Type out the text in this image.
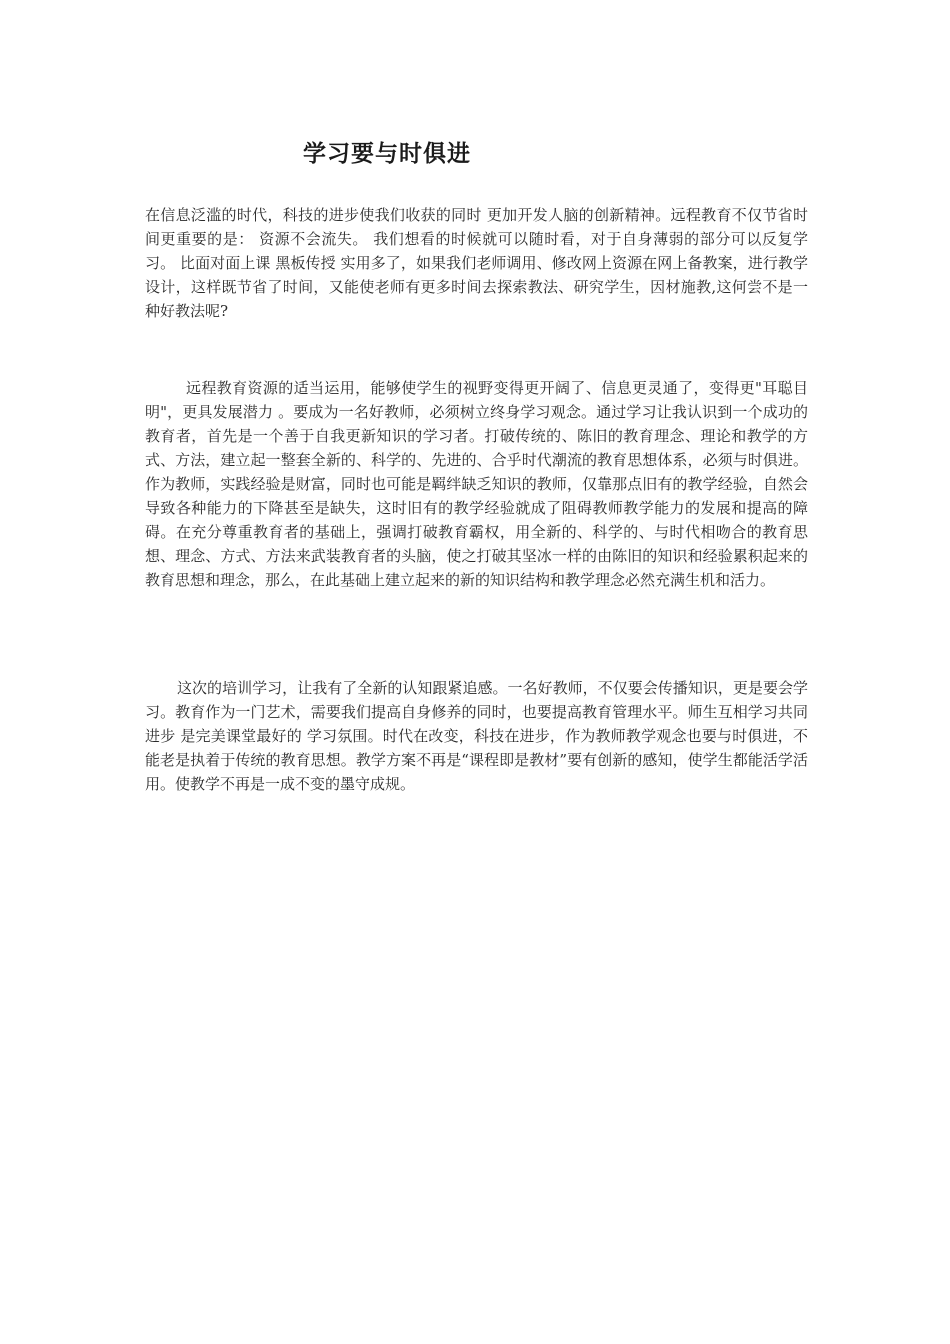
学习要与时俱进

在信息泛滥的时代，科技的进步使我们收获的同时 更加开发人脑的创新精神。远程教育不仅节省时间更重要的是： 资源不会流失。 我们想看的时候就可以随时看，对于自身薄弱的部分可以反复学习。 比面对面上课 黑板传授 实用多了，如果我们老师调用、修改网上资源在网上备教案，进行教学设计，这样既节省了时间，又能使老师有更多时间去探索教法、研究学生，因材施教,这何尝不是一种好教法呢?

远程教育资源的适当运用，能够使学生的视野变得更开阔了、信息更灵通了，变得更"耳聪目明"，更具发展潜力 。要成为一名好教师，必须树立终身学习观念。通过学习让我认识到一个成功的教育者，首先是一个善于自我更新知识的学习者。打破传统的、陈旧的教育理念、理论和教学的方式、方法，建立起一整套全新的、科学的、先进的、合乎时代潮流的教育思想体系，必须与时俱进。作为教师，实践经验是财富，同时也可能是羁绊缺乏知识的教师，仅靠那点旧有的教学经验，自然会导致各种能力的下降甚至是缺失，这时旧有的教学经验就成了阻碍教师教学能力的发展和提高的障碍。在充分尊重教育者的基础上，强调打破教育霸权，用全新的、科学的、与时代相吻合的教育思想、理念、方式、方法来武装教育者的头脑，使之打破其坚冰一样的由陈旧的知识和经验累积起来的教育思想和理念，那么，在此基础上建立起来的新的知识结构和教学理念必然充满生机和活力。

这次的培训学习，让我有了全新的认知跟紧追感。一名好教师，不仅要会传播知识，更是要会学习。教育作为一门艺术，需要我们提高自身修养的同时，也要提高教育管理水平。师生互相学习共同进步 是完美课堂最好的 学习氛围。时代在改变，科技在进步，作为教师教学观念也要与时俱进，不能老是执着于传统的教育思想。教学方案不再是“课程即是教材”要有创新的感知，使学生都能活学活用。使教学不再是一成不变的墨守成规。
